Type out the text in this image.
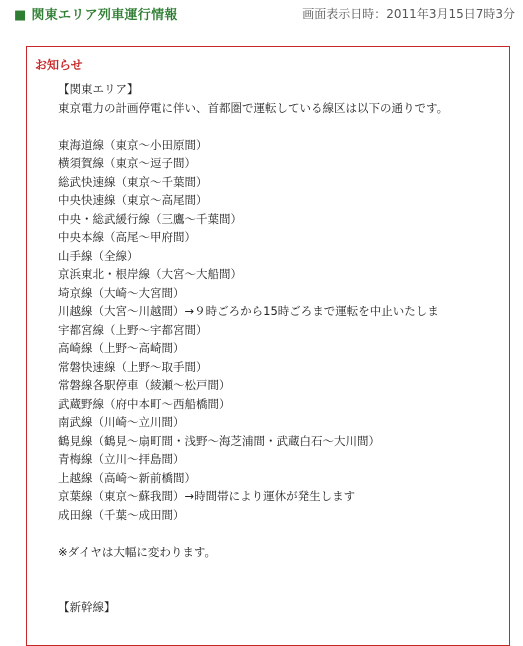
■ 関東エリア列車運行情報	画面表示日時：2011年3月15日7時3分
お知らせ
【関東エリア】
東京電力の計画停電に伴い、首都圏で運転している線区は以下の通りです。
東海道線（東京〜小田原間）
横須賀線（東京〜逗子間）
総武快速線（東京〜千葉間）
中央快速線（東京〜高尾間）
中央・総武緩行線（三鷹〜千葉間）
中央本線（高尾〜甲府間）
山手線（全線）
京浜東北・根岸線（大宮〜大船間）
埼京線（大崎〜大宮間）
川越線（大宮〜川越間）→９時ごろから15時ごろまで運転を中止いたしま
宇都宮線（上野〜宇都宮間）
高崎線（上野〜高崎間）
常磐快速線（上野〜取手間）
常磐線各駅停車（綾瀬〜松戸間）
武蔵野線（府中本町〜西船橋間）
南武線（川崎〜立川間）
鶴見線（鶴見〜扇町間・浅野〜海芝浦間・武蔵白石〜大川間）
青梅線（立川〜拝島間）
上越線（高崎〜新前橋間）
京葉線（東京〜蘇我間）→時間帯により運休が発生します
成田線（千葉〜成田間）
※ダイヤは大幅に変わります。
【新幹線】
